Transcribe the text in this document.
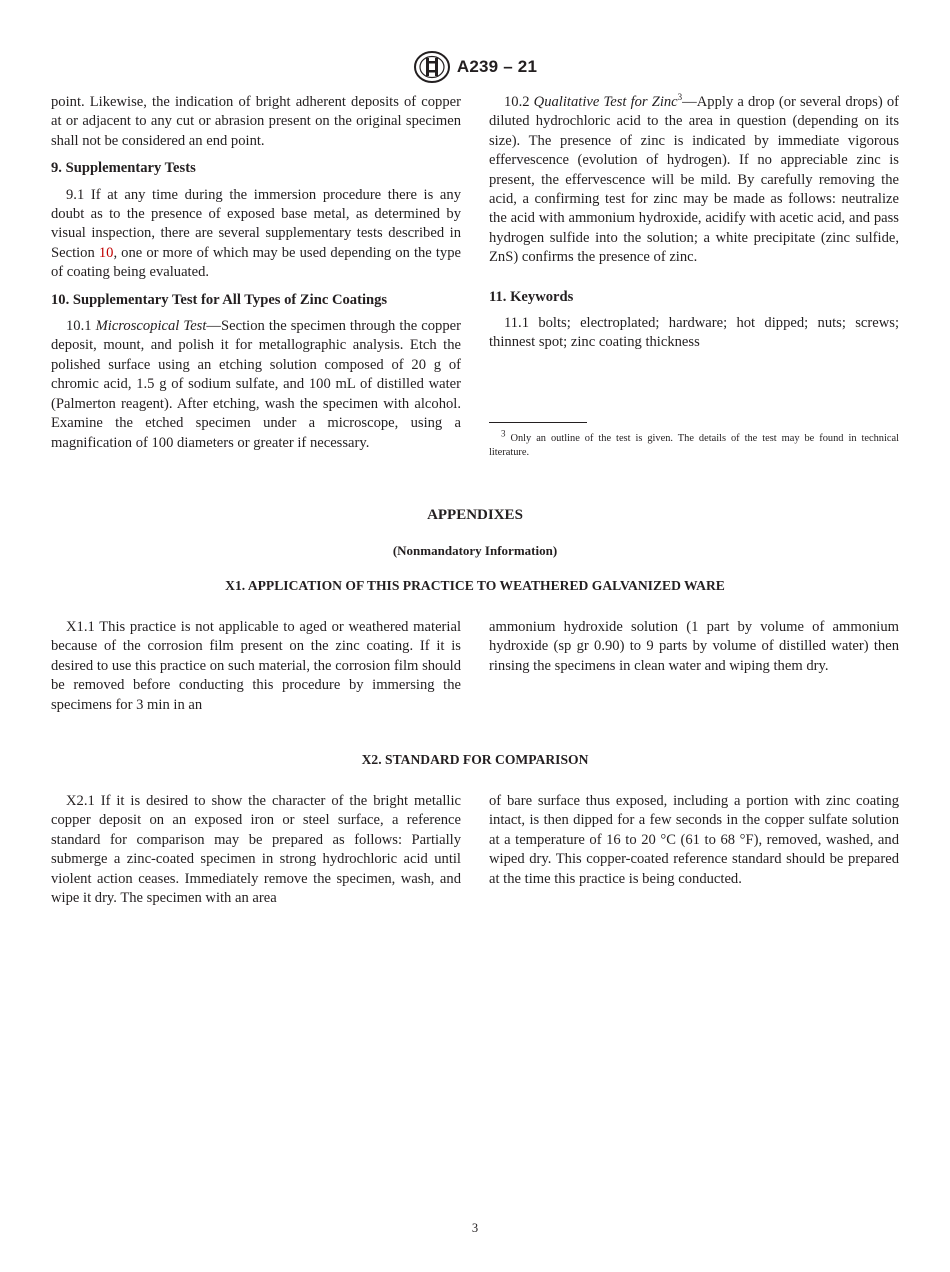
A239 – 21

point. Likewise, the indication of bright adherent deposits of copper at or adjacent to any cut or abrasion present on the original specimen shall not be considered an end point.

9. Supplementary Tests

9.1 If at any time during the immersion procedure there is any doubt as to the presence of exposed base metal, as determined by visual inspection, there are several supplementary tests described in Section 10, one or more of which may be used depending on the type of coating being evaluated.

10. Supplementary Test for All Types of Zinc Coatings

10.1 Microscopical Test—Section the specimen through the copper deposit, mount, and polish it for metallographic analysis. Etch the polished surface using an etching solution composed of 20 g of chromic acid, 1.5 g of sodium sulfate, and 100 mL of distilled water (Palmerton reagent). After etching, wash the specimen with alcohol. Examine the etched specimen under a microscope, using a magnification of 100 diameters or greater if necessary.

10.2 Qualitative Test for Zinc$^3$—Apply a drop (or several drops) of diluted hydrochloric acid to the area in question (depending on its size). The presence of zinc is indicated by immediate vigorous effervescence (evolution of hydrogen). If no appreciable zinc is present, the effervescence will be mild. By carefully removing the acid, a confirming test for zinc may be made as follows: neutralize the acid with ammonium hydroxide, acidify with acetic acid, and pass hydrogen sulfide into the solution; a white precipitate (zinc sulfide, ZnS) confirms the presence of zinc.

11. Keywords

11.1 bolts; electroplated; hardware; hot dipped; nuts; screws; thinnest spot; zinc coating thickness

$^3$ Only an outline of the test is given. The details of the test may be found in technical literature.

APPENDIXES
(Nonmandatory Information)
X1. APPLICATION OF THIS PRACTICE TO WEATHERED GALVANIZED WARE

X1.1 This practice is not applicable to aged or weathered material because of the corrosion film present on the zinc coating. If it is desired to use this practice on such material, the corrosion film should be removed before conducting this procedure by immersing the specimens for 3 min in an

ammonium hydroxide solution (1 part by volume of ammonium hydroxide (sp gr 0.90) to 9 parts by volume of distilled water) then rinsing the specimens in clean water and wiping them dry.

X2. STANDARD FOR COMPARISON

X2.1 If it is desired to show the character of the bright metallic copper deposit on an exposed iron or steel surface, a reference standard for comparison may be prepared as follows: Partially submerge a zinc-coated specimen in strong hydrochloric acid until violent action ceases. Immediately remove the specimen, wash, and wipe it dry. The specimen with an area

of bare surface thus exposed, including a portion with zinc coating intact, is then dipped for a few seconds in the copper sulfate solution at a temperature of 16 to 20 °C (61 to 68 °F), removed, washed, and wiped dry. This copper-coated reference standard should be prepared at the time this practice is being conducted.

3
